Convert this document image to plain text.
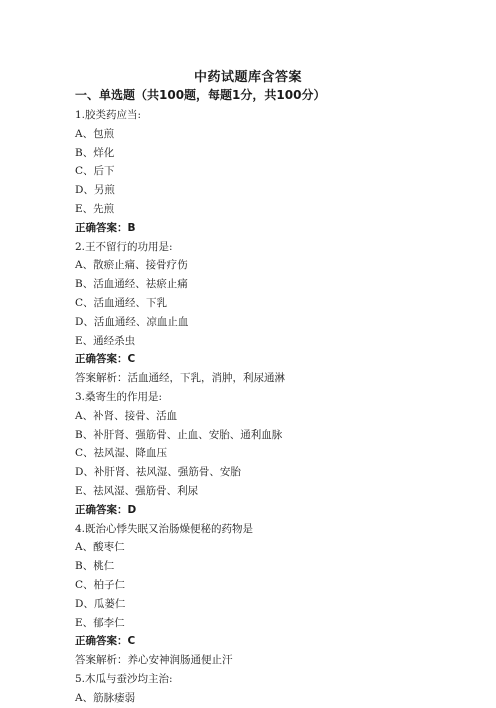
中药试题库含答案
一、单选题（共100题，每题1分，共100分）
1.胶类药应当:
A、包煎
B、烊化
C、后下
D、另煎
E、先煎
正确答案：B
2.王不留行的功用是:
A、散瘀止痛、接骨疗伤
B、活血通经、祛瘀止痛
C、活血通经、下乳
D、活血通经、凉血止血
E、通经杀虫
正确答案：C
答案解析：活血通经，下乳，消肿，利尿通淋
3.桑寄生的作用是:
A、补肾、接骨、活血
B、补肝肾、强筋骨、止血、安胎、通利血脉
C、祛风湿、降血压
D、补肝肾、祛风湿、强筋骨、安胎
E、祛风湿、强筋骨、利尿
正确答案：D
4.既治心悸失眠又治肠燥便秘的药物是
A、酸枣仁
B、桃仁
C、柏子仁
D、瓜蒌仁
E、郁李仁
正确答案：C
答案解析：养心安神润肠通便止汗
5.木瓜与蚕沙均主治:
A、筋脉痿弱
